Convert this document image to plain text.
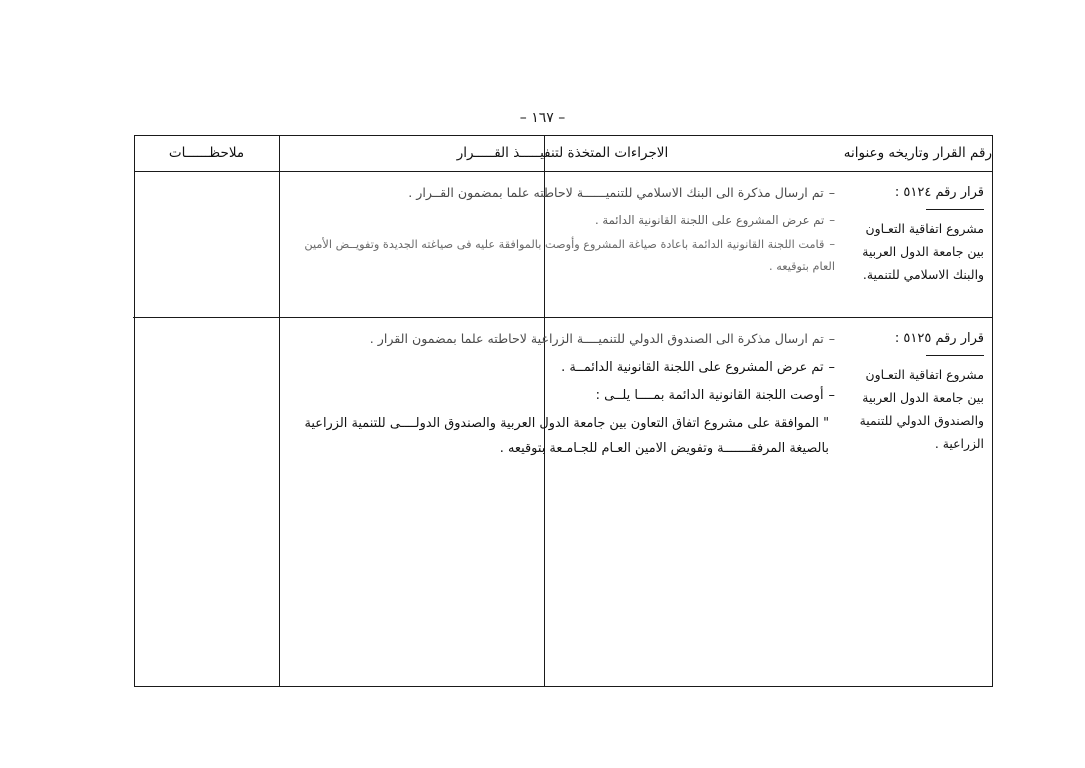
– ١٦٧ –
رقم القرار وتاريخه وعنوانه
الاجراءات المتخذة لتنفيـــــذ القـــــرار
ملاحظــــــات
قرار رقم ٥١٢٤ :

مشروع اتفاقية التعـاون

بين جامعة الدول العربية

والبنك الاسلامي للتنمية.

–تم ارسال مذكرة الى البنك الاسلامي للتنميــــــة لاحاطته علما بمضمون القــرار .
–تم عرض المشروع على اللجنة القانونية الدائمة .
–قامت اللجنة القانونية الدائمة باعادة صياغة المشروع وأوصت بالموافقة عليه فى صياغته الجديدة وتفويــض الأمين العام بتوقيعه .
قرار رقم ٥١٢٥ :

مشروع اتفاقية التعـاون

بين جامعة الدول العربية

والصندوق الدولي للتنمية

الزراعية .

–تم ارسال مذكرة الى الصندوق الدولي للتنميــــة الزراعية لاحاطته علما بمضمون القرار .
–تم عرض المشروع على اللجنة القانونية الدائمــة .
–أوصت اللجنة القانونية الدائمة بمــــا يلــى :
" الموافقة على مشروع اتفاق التعاون بين جامعة الدول العربية والصندوق الدولــــى للتنمية الزراعية بالصيغة المرفقـــــــة وتفويض الامين العـام للجـامـعة بتوقيعه .
